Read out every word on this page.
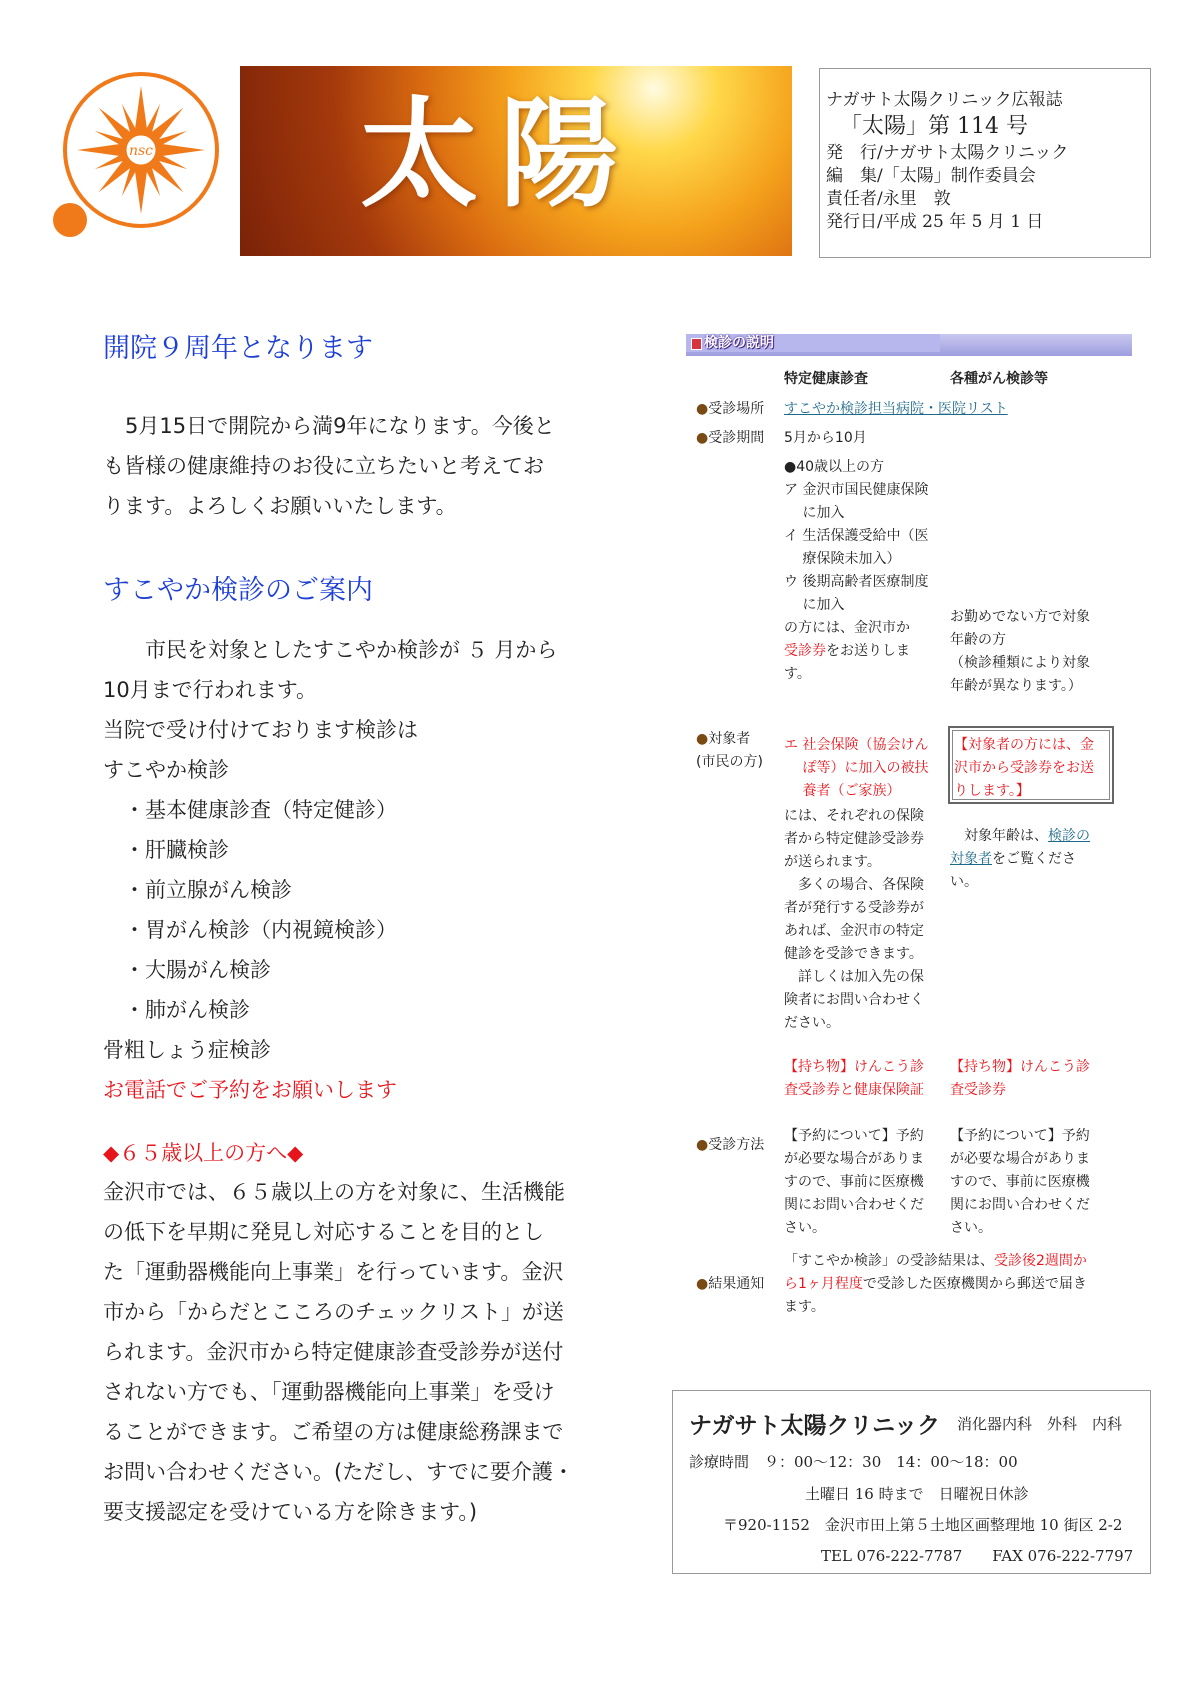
nsc 太陽	ナガサト太陽クリニック広報誌
「太陽」第 114 号
発　行/ナガサト太陽クリニック
編　集/「太陽」制作委員会
責任者/永里　敦
発行日/平成 25 年 5 月 1 日
開院９周年となります
5月15日で開院から満9年になります。今後と
も皆様の健康維持のお役に立ちたいと考えてお
ります。よろしくお願いいたします。
すこやか検診のご案内
　　市民を対象としたすこやか検診が ５ 月から
10月まで行われます。
当院で受け付けております検診は
すこやか検診
　・基本健康診査（特定健診）
　・肝臓検診
　・前立腺がん検診
　・胃がん検診（内視鏡検診）
　・大腸がん検診
　・肺がん検診
骨粗しょう症検診
お電話でご予約をお願いします
◆６５歳以上の方へ◆
金沢市では、６５歳以上の方を対象に、生活機能
の低下を早期に発見し対応することを目的とし
た「運動器機能向上事業」を行っています。金沢
市から「からだとこころのチェックリスト」が送
られます。金沢市から特定健康診査受診券が送付
されない方でも、「運動器機能向上事業」を受け
ることができます。ご希望の方は健康総務課まで
お問い合わせください。(ただし、すでに要介護・
要支援認定を受けている方を除きます。)
検診の説明
特定健康診査	各種がん検診等
●受診場所 すこやか検診担当病院・医院リスト
●受診期間 5月から10月
●40歳以上の方
ア 金沢市国民健康保険
　 に加入
イ 生活保護受給中（医
　 療保険未加入）
ウ 後期高齢者医療制度
　 に加入
の方には、金沢市か
受診券をお送りしま
す。
お勤めでない方で対象
年齢の方
（検診種類により対象
年齢が異なります。）
●対象者
(市民の方)
エ 社会保険（協会けん
　 ぽ等）に加入の被扶
　 養者（ご家族）
【対象者の方には、金
沢市から受診券をお送
りします。】
には、それぞれの保険
者から特定健診受診券
が送られます。
　多くの場合、各保険
者が発行する受診券が
あれば、金沢市の特定
健診を受診できます。
　詳しくは加入先の保
険者にお問い合わせく
ださい。
　対象年齢は、検診の
対象者をご覧くださ
い。
【持ち物】けんこう診
査受診券と健康保険証
【持ち物】けんこう診
査受診券
●受診方法
【予約について】予約
が必要な場合がありま
すので、事前に医療機
関にお問い合わせくだ
さい。
【予約について】予約
が必要な場合がありま
すので、事前に医療機
関にお問い合わせくだ
さい。
●結果通知
「すこやか検診」の受診結果は、受診後2週間か
ら1ヶ月程度で受診した医療機関から郵送で届き
ます。
ナガサト太陽クリニック 消化器内科　外科　内科
診療時間　９：00～12：30　14：00～18：00
土曜日 16 時まで　日曜祝日休診
〒920-1152　金沢市田上第５土地区画整理地 10 街区 2-2
TEL 076-222-7787　　FAX 076-222-7797
